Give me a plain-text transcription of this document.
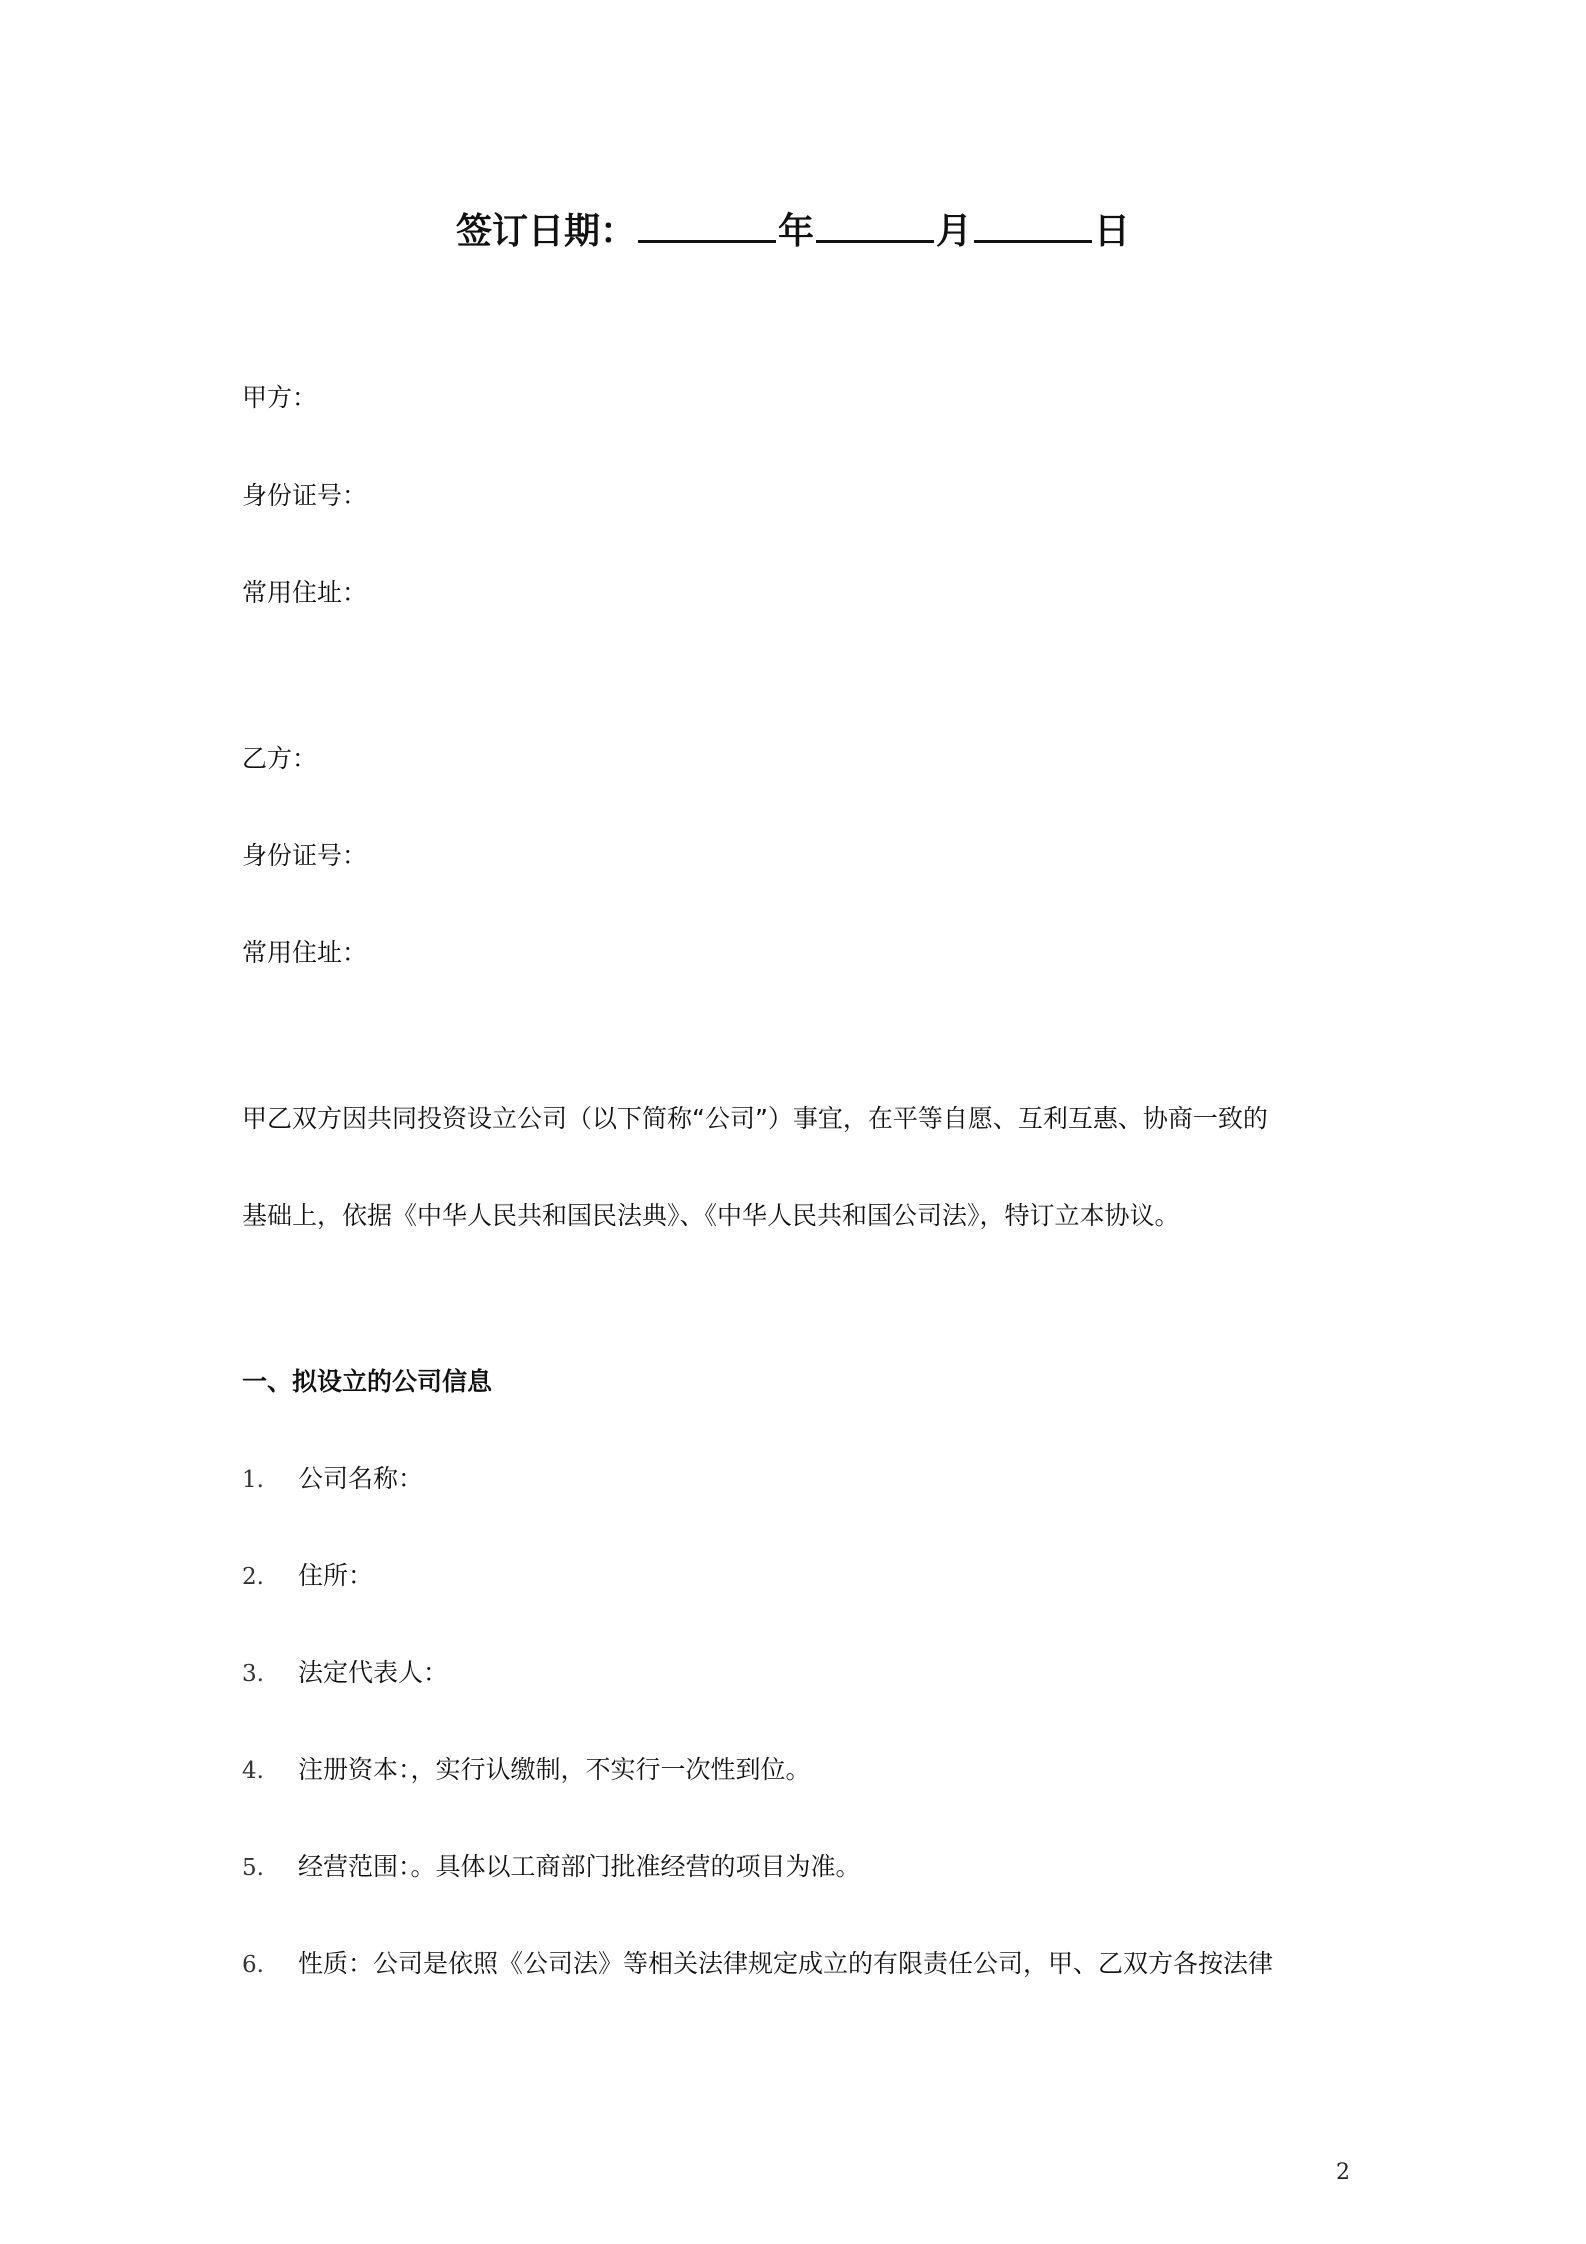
签订日期：	年	月	日
甲方：
身份证号：
常用住址：
乙方：
身份证号：
常用住址：
甲乙双方因共同投资设立公司（以下简称“公司”）事宜，在平等自愿、互利互惠、协商一致的
基础上，依据《中华人民共和国民法典》、《中华人民共和国公司法》，特订立本协议。
一、拟设立的公司信息
1. 公司名称：
2. 住所：
3. 法定代表人：
4. 注册资本：，实行认缴制，不实行一次性到位。
5. 经营范围：。具体以工商部门批准经营的项目为准。
6. 性质：公司是依照《公司法》等相关法律规定成立的有限责任公司，甲、乙双方各按法律
2
